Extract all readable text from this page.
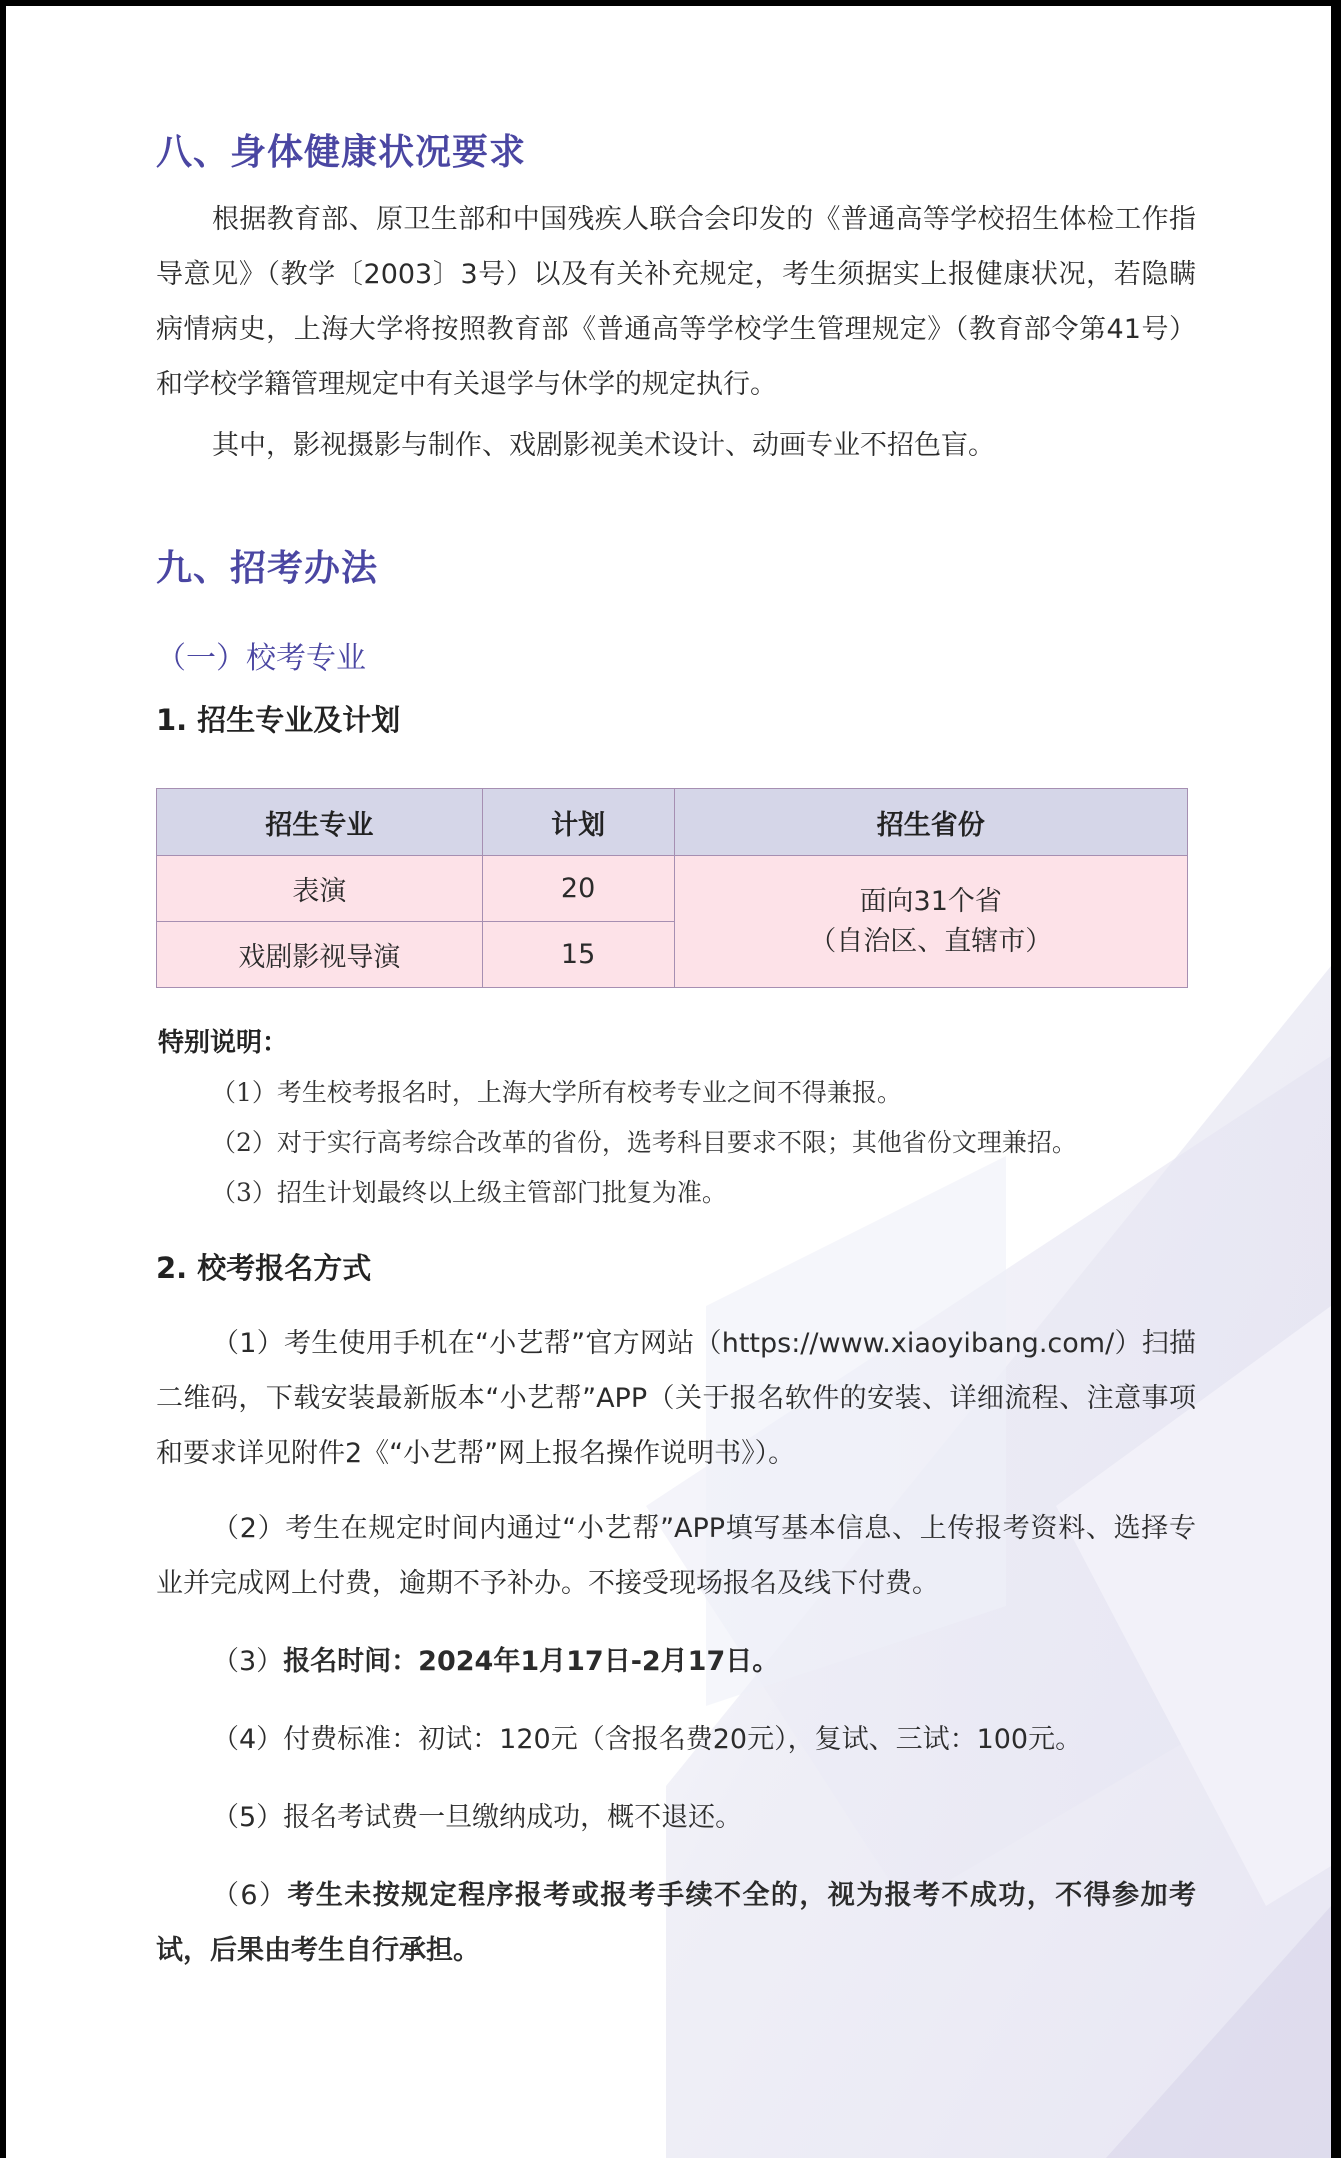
八、身体健康状况要求
根据教育部、原卫生部和中国残疾人联合会印发的《普通高等学校招生体检工作指导意见》（教学〔2003〕3号）以及有关补充规定，考生须据实上报健康状况，若隐瞒病情病史，上海大学将按照教育部《普通高等学校学生管理规定》（教育部令第41号）和学校学籍管理规定中有关退学与休学的规定执行。
其中，影视摄影与制作、戏剧影视美术设计、动画专业不招色盲。
九、招考办法
（一）校考专业
1. 招生专业及计划
招生专业	计划	招生省份
表演	20	面向31个省
（自治区、直辖市）

戏剧影视导演	15	
特别说明：
（1）考生校考报名时，上海大学所有校考专业之间不得兼报。
（2）对于实行高考综合改革的省份，选考科目要求不限；其他省份文理兼招。
（3）招生计划最终以上级主管部门批复为准。
2. 校考报名方式
（1）考生使用手机在“小艺帮”官方网站（https://www.xiaoyibang.com/）扫描二维码，下载安装最新版本“小艺帮”APP（关于报名软件的安装、详细流程、注意事项和要求详见附件2《“小艺帮”网上报名操作说明书》）。
（2）考生在规定时间内通过“小艺帮”APP填写基本信息、上传报考资料、选择专业并完成网上付费，逾期不予补办。不接受现场报名及线下付费。
（3）报名时间：2024年1月17日-2月17日。
（4）付费标准：初试：120元（含报名费20元），复试、三试：100元。
（5）报名考试费一旦缴纳成功，概不退还。
（6）考生未按规定程序报考或报考手续不全的，视为报考不成功，不得参加考试，后果由考生自行承担。
